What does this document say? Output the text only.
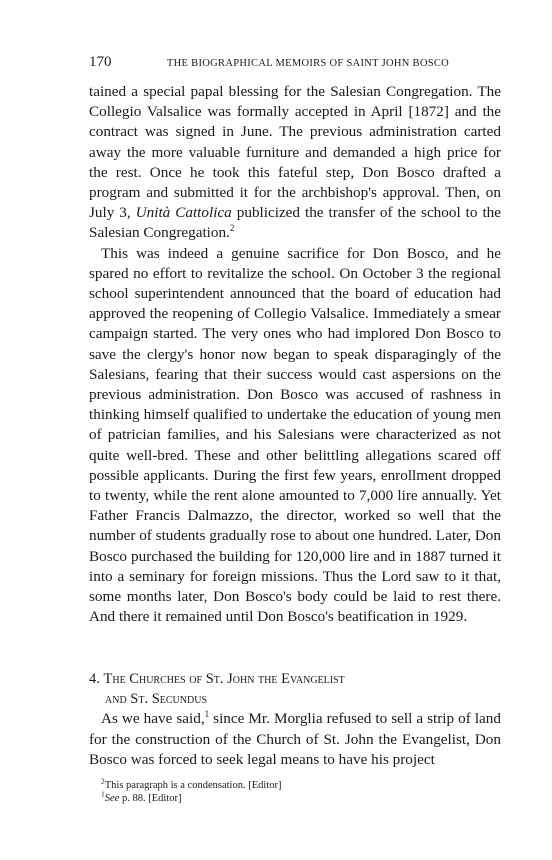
170	THE BIOGRAPHICAL MEMOIRS OF SAINT JOHN BOSCO

tained a special papal blessing for the Salesian Congregation. The Collegio Valsalice was formally accepted in April [1872] and the contract was signed in June. The previous administration carted away the more valuable furniture and demanded a high price for the rest. Once he took this fateful step, Don Bosco drafted a program and submitted it for the archbishop's approval. Then, on July 3, Unità Cattolica publicized the transfer of the school to the Salesian Congregation.$^2$

This was indeed a genuine sacrifice for Don Bosco, and he spared no effort to revitalize the school. On October 3 the regional school superintendent announced that the board of education had approved the reopening of Collegio Valsalice. Immediately a smear campaign started. The very ones who had implored Don Bosco to save the clergy's honor now began to speak disparagingly of the Salesians, fearing that their success would cast aspersions on the previous administration. Don Bosco was accused of rashness in thinking himself qualified to undertake the education of young men of patrician families, and his Salesians were characterized as not quite well-bred. These and other belittling allegations scared off possible applicants. During the first few years, enrollment dropped to twenty, while the rent alone amounted to 7,000 lire annually. Yet Father Francis Dalmazzo, the director, worked so well that the number of students gradually rose to about one hundred. Later, Don Bosco purchased the building for 120,000 lire and in 1887 turned it into a seminary for foreign missions. Thus the Lord saw to it that, some months later, Don Bosco's body could be laid to rest there. And there it remained until Don Bosco's beatification in 1929.

4. The Churches of St. John the Evangelist
and St. Secundus

As we have said,$^1$ since Mr. Morglia refused to sell a strip of land for the construction of the Church of St. John the Evangelist, Don Bosco was forced to seek legal means to have his project

$^2$This paragraph is a condensation. [Editor]
$^1$See p. 88. [Editor]
